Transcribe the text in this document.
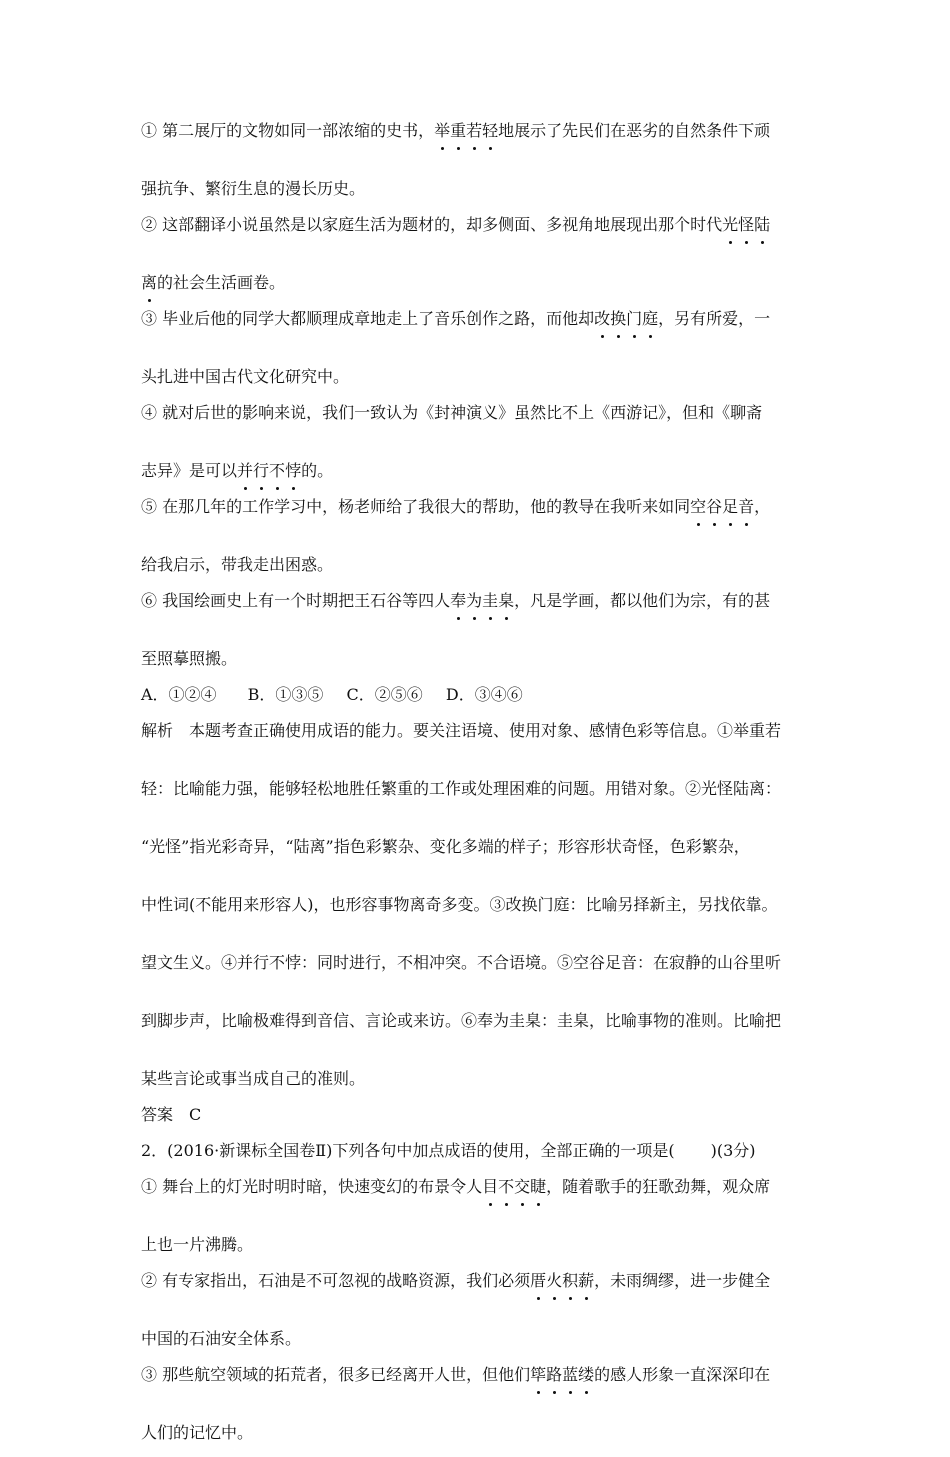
① 第二展厅的文物如同一部浓缩的史书，举重若轻地展示了先民们在恶劣的自然条件下顽
强抗争、繁衍生息的漫长历史。
② 这部翻译小说虽然是以家庭生活为题材的，却多侧面、多视角地展现出那个时代光怪陆
离的社会生活画卷。
③ 毕业后他的同学大都顺理成章地走上了音乐创作之路，而他却改换门庭，另有所爱，一
头扎进中国古代文化研究中。
④ 就对后世的影响来说，我们一致认为《封神演义》虽然比不上《西游记》，但和《聊斋
志异》是可以并行不悖的。
⑤ 在那几年的工作学习中，杨老师给了我很大的帮助，他的教导在我听来如同空谷足音，
给我启示，带我走出困惑。
⑥ 我国绘画史上有一个时期把王石谷等四人奉为圭臬，凡是学画，都以他们为宗，有的甚
至照摹照搬。
A．①②④ B．①③⑤ C．②⑤⑥ D．③④⑥
解析　本题考查正确使用成语的能力。要关注语境、使用对象、感情色彩等信息。①举重若
轻：比喻能力强，能够轻松地胜任繁重的工作或处理困难的问题。用错对象。②光怪陆离：
“光怪”指光彩奇异，“陆离”指色彩繁杂、变化多端的样子；形容形状奇怪，色彩繁杂，
中性词(不能用来形容人)，也形容事物离奇多变。③改换门庭：比喻另择新主，另找依靠。
望文生义。④并行不悖：同时进行，不相冲突。不合语境。⑤空谷足音：在寂静的山谷里听
到脚步声，比喻极难得到音信、言论或来访。⑥奉为圭臬：圭臬，比喻事物的准则。比喻把
某些言论或事当成自己的准则。
答案　C
2．(2016·新课标全国卷Ⅱ)下列各句中加点成语的使用，全部正确的一项是( )(3分)
① 舞台上的灯光时明时暗，快速变幻的布景令人目不交睫，随着歌手的狂歌劲舞，观众席
上也一片沸腾。
② 有专家指出，石油是不可忽视的战略资源，我们必须厝火积薪，未雨绸缪，进一步健全
中国的石油安全体系。
③ 那些航空领域的拓荒者，很多已经离开人世，但他们筚路蓝缕的感人形象一直深深印在
人们的记忆中。
